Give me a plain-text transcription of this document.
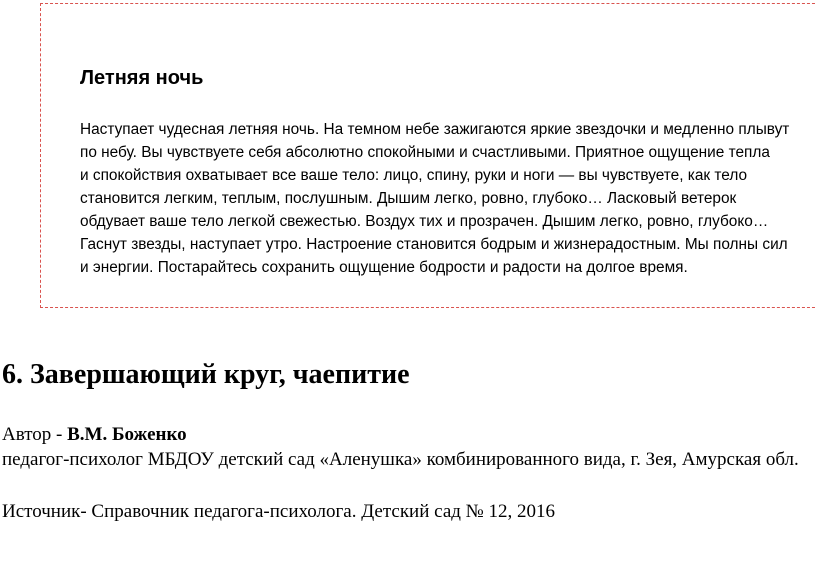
Летняя ночь
Наступает чудесная летняя ночь. На темном небе зажигаются яркие звездочки и медленно плывут
по небу. Вы чувствуете себя абсолютно спокойными и счастливыми. Приятное ощущение тепла
и спокойствия охватывает все ваше тело: лицо, спину, руки и ноги — вы чувствуете, как тело
становится легким, теплым, послушным. Дышим легко, ровно, глубоко… Ласковый ветерок
обдувает ваше тело легкой свежестью. Воздух тих и прозрачен. Дышим легко, ровно, глубоко…
Гаснут звезды, наступает утро. Настроение становится бодрым и жизнерадостным. Мы полны сил
и энергии. Постарайтесь сохранить ощущение бодрости и радости на долгое время.
6. Завершающий круг, чаепитие
Автор - В.М. Боженко
педагог-психолог МБДОУ детский сад «Аленушка» комбинированного вида, г. Зея, Амурская обл.
Источник- Справочник педагога-психолога. Детский сад № 12, 2016
